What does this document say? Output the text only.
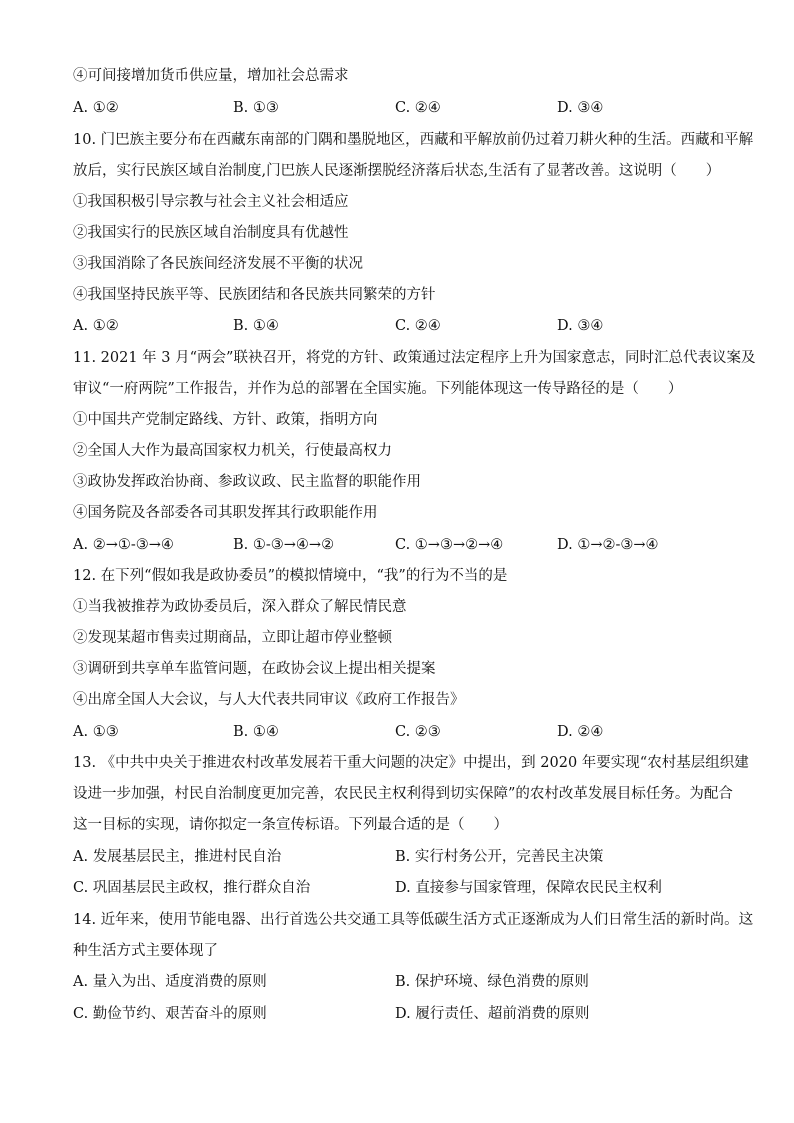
④可间接增加货币供应量，增加社会总需求
A. ①②	B. ①③	C. ②④	D. ③④
10. 门巴族主要分布在西藏东南部的门隅和墨脱地区，西藏和平解放前仍过着刀耕火种的生活。西藏和平解
放后，实行民族区域自治制度,门巴族人民逐渐摆脱经济落后状态,生活有了显著改善。这说明（　　）
①我国积极引导宗教与社会主义社会相适应
②我国实行的民族区域自治制度具有优越性
③我国消除了各民族间经济发展不平衡的状况
④我国坚持民族平等、民族团结和各民族共同繁荣的方针
A. ①②	B. ①④	C. ②④	D. ③④
11. 2021 年 3 月“两会”联袂召开，将党的方针、政策通过法定程序上升为国家意志，同时汇总代表议案及
审议“一府两院”工作报告，并作为总的部署在全国实施。下列能体现这一传导路径的是（　　）
①中国共产党制定路线、方针、政策，指明方向
②全国人大作为最高国家权力机关，行使最高权力
③政协发挥政治协商、参政议政、民主监督的职能作用
④国务院及各部委各司其职发挥其行政职能作用
A. ②→①-③→④	B. ①-③→④→②	C. ①→③→②→④	D. ①→②-③→④
12. 在下列“假如我是政协委员”的模拟情境中，“我”的行为不当的是
①当我被推荐为政协委员后，深入群众了解民情民意
②发现某超市售卖过期商品，立即让超市停业整顿
③调研到共享单车监管问题，在政协会议上提出相关提案
④出席全国人大会议，与人大代表共同审议《政府工作报告》
A. ①③	B. ①④	C. ②③	D. ②④
13. 《中共中央关于推进农村改革发展若干重大问题的决定》中提出，到 2020 年要实现“农村基层组织建
设进一步加强，村民自治制度更加完善，农民民主权利得到切实保障”的农村改革发展目标任务。为配合
这一目标的实现，请你拟定一条宣传标语。下列最合适的是（　　）
A. 发展基层民主，推进村民自治	B. 实行村务公开，完善民主决策
C. 巩固基层民主政权，推行群众自治	D. 直接参与国家管理，保障农民民主权利
14. 近年来，使用节能电器、出行首选公共交通工具等低碳生活方式正逐渐成为人们日常生活的新时尚。这
种生活方式主要体现了
A. 量入为出、适度消费的原则	B. 保护环境、绿色消费的原则
C. 勤俭节约、艰苦奋斗的原则	D. 履行责任、超前消费的原则
